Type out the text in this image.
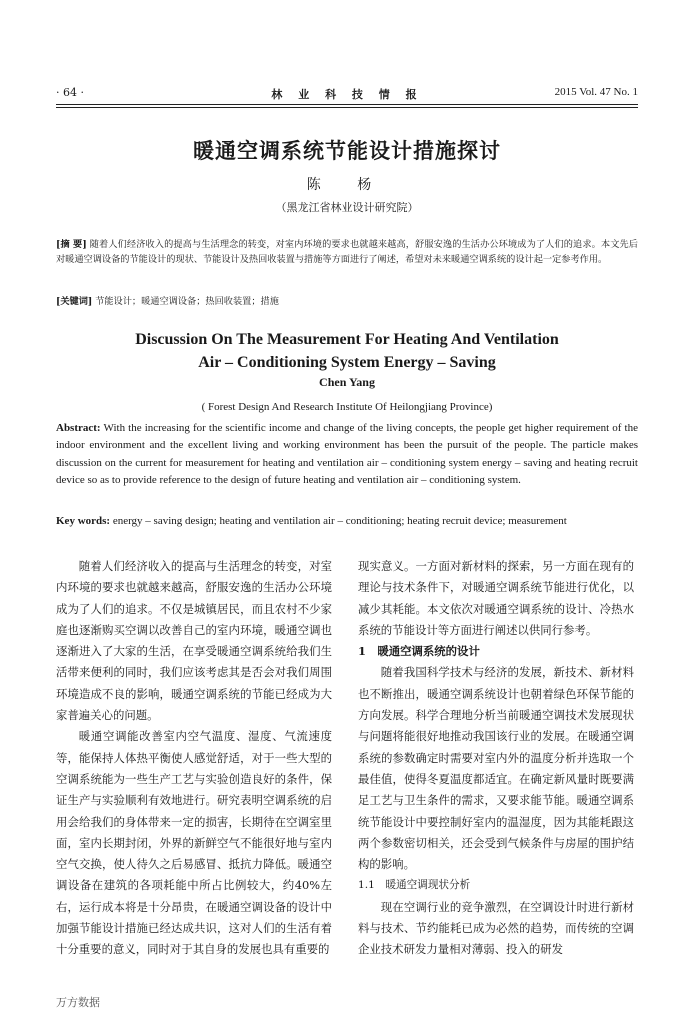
· 64 ·	林 业 科 技 情 报	2015 Vol. 47 No. 1
暖通空调系统节能设计措施探讨
陈 杨
（黑龙江省林业设计研究院）
[摘 要] 随着人们经济收入的提高与生活理念的转变，对室内环境的要求也就越来越高，舒服安逸的生活办公环境成为了人们的追求。本文先后对暖通空调设备的节能设计的现状、节能设计及热回收装置与措施等方面进行了阐述，希望对未来暖通空调系统的设计起一定参考作用。
[关键词] 节能设计；暖通空调设备；热回收装置；措施
Discussion On The Measurement For Heating And Ventilation
Air – Conditioning System Energy – Saving
Chen Yang
( Forest Design And Research Institute Of Heilongjiang Province)
Abstract: With the increasing for the scientific income and change of the living concepts, the people get higher requirement of the indoor environment and the excellent living and working environment has been the pursuit of the people. The particle makes discussion on the current for measurement for heating and ventilation air – conditioning system energy – saving and heating recruit device so as to provide reference to the design of future heating and ventilation air – conditioning system.
Key words: energy – saving design; heating and ventilation air – conditioning; heating recruit device; measurement

随着人们经济收入的提高与生活理念的转变，对室内环境的要求也就越来越高，舒服安逸的生活办公环境成为了人们的追求。不仅是城镇居民，而且农村不少家庭也逐渐购买空调以改善自己的室内环境，暖通空调也逐渐进入了大家的生活，在享受暖通空调系统给我们生活带来便利的同时，我们应该考虑其是否会对我们周围环境造成不良的影响，暖通空调系统的节能已经成为大家普遍关心的问题。

暖通空调能改善室内空气温度、湿度、气流速度等，能保持人体热平衡使人感觉舒适，对于一些大型的空调系统能为一些生产工艺与实验创造良好的条件，保证生产与实验顺利有效地进行。研究表明空调系统的启用会给我们的身体带来一定的损害，长期待在空调室里面，室内长期封闭，外界的新鲜空气不能很好地与室内空气交换，使人待久之后易感冒、抵抗力降低。暖通空调设备在建筑的各项耗能中所占比例较大，约40%左右，运行成本将是十分昂贵，在暖通空调设备的设计中加强节能设计措施已经达成共识，这对人们的生活有着十分重要的意义，同时对于其自身的发展也具有重要的

现实意义。一方面对新材料的探索，另一方面在现有的理论与技术条件下，对暖通空调系统节能进行优化，以减少其耗能。本文依次对暖通空调系统的设计、冷热水系统的节能设计等方面进行阐述以供同行参考。

1　暖通空调系统的设计

随着我国科学技术与经济的发展，新技术、新材料也不断推出，暖通空调系统设计也朝着绿色环保节能的方向发展。科学合理地分析当前暖通空调技术发展现状与问题将能很好地推动我国该行业的发展。在暖通空调系统的参数确定时需要对室内外的温度分析并选取一个最佳值，使得冬夏温度都适宜。在确定新风量时既要满足工艺与卫生条件的需求，又要求能节能。暖通空调系统节能设计中要控制好室内的温湿度，因为其能耗跟这两个参数密切相关，还会受到气候条件与房屋的围护结构的影响。

1.1　暖通空调现状分析

现在空调行业的竞争激烈，在空调设计时进行新材料与技术、节约能耗已成为必然的趋势，而传统的空调企业技术研发力量相对薄弱、投入的研发

万方数据
